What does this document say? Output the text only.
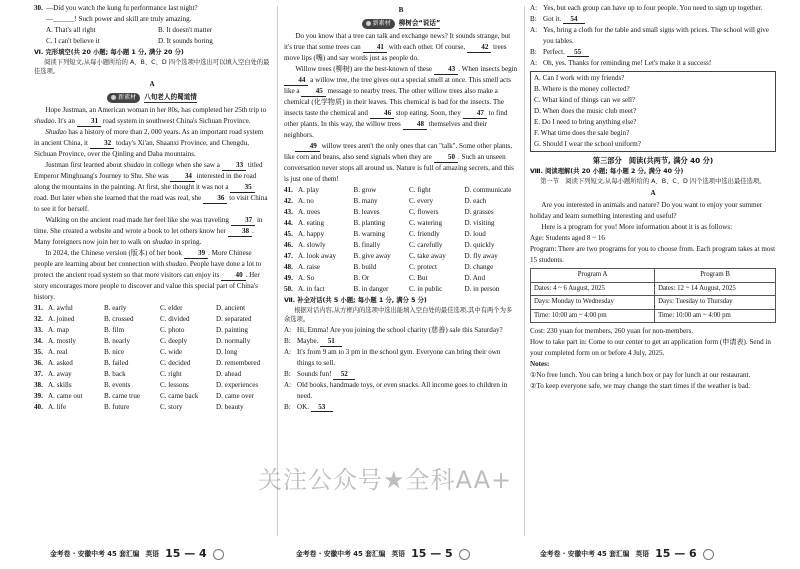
30. —Did you watch the kung fu performance last night?

—______! Such power and skill are truly amazing.

A. That's all right	B. It doesn't matter
C. I can't believe it	D. It sounds boring

Ⅵ. 完形填空(共 20 小题; 每小题 1 分, 满分 20 分)

阅读下列短文,从每小题所给的 A、B、C、D 四个选项中选出可以填入空白处的最佳选项。

A

新素材 八旬老人的蜀道情

Hope Justman, an American woman in her 80s, has completed her 25th trip to shudao. It's an 31 road system in southwest China's Sichuan Province.

Shudao has a history of more than 2, 000 years. As an important road system in ancient China, it 32 today's Xi'an, Shaanxi Province, and Chengdu, Sichuan Province, over the Qinling and Daba mountains.

Justman first learned about shudao in college when she saw a 33 titled Emperor Minghuang's Journey to Shu. She was 34 interested in the road along the mountains in the painting. At first, she thought it was not a 35 road. But later when she learned that the road was real, she 36 to visit China to see it for herself.

Walking on the ancient road made her feel like she was traveling 37 in time. She created a website and wrote a book to let others know her 38 . Many foreigners now join her to walk on shudao in spring.

In 2024, the Chinese version (版本) of her book 39 . More Chinese people are learning about her connection with shudao. People have done a lot to protect the ancient road system so that more visitors can enjoy its 40 . Her story encourages more people to discover and value this special part of China's history.

31. A. awful	B. early	C. elder	D. ancient
32. A. joined	B. crossed	C. divided	D. separated
33. A. map	B. film	C. photo	D. painting
34. A. mostly	B. nearly	C. deeply	D. normally
35. A. real	B. nice	C. wide	D. long
36. A. asked	B. failed	C. decided	D. remembered
37. A. away	B. back	C. right	D. ahead
38. A. skills	B. events	C. lessons	D. experiences
39. A. came out	B. came true	C. came back	D. came over
40. A. life	B. future	C. story	D. beauty

B

新素材 柳树会“说话”

Do you know that a tree can talk and exchange news? It sounds strange, but it's true that some trees can 41 with each other. Of course, 42 trees move lips (嘴) and say words just as people do.

Willow trees (柳树) are the best-known of these 43 . When insects begin 44 a willow tree, the tree gives out a special smell at once. This smell acts like a 45 message to nearby trees. The other willow trees also make a chemical (化学物质) in their leaves. This chemical is bad for the insects. The insects taste the chemical and 46 stop eating. Soon, they 47 to find other plants. In this way, the willow trees 48 themselves and their neighbors.

49 willow trees aren't the only ones that can "talk". Some other plants, like corn and beans, also send signals when they are 50 . Such an unseen conversation never stops all around us. Nature is full of amazing secrets, and this is just one of them!

41. A. play	B. grow	C. fight	D. communicate
42. A. no	B. many	C. every	D. each
43. A. trees	B. leaves	C. flowers	D. grasses
44. A. eating	B. planting	C. watering	D. visiting
45. A. happy	B. warning	C. friendly	D. loud
46. A. slowly	B. finally	C. carefully	D. quickly
47. A. look away	B. give away	C. take away	D. fly away
48. A. raise	B. build	C. protect	D. change
49. A. So	B. Or	C. But	D. And
50. A. in fact	B. in danger	C. in public	D. in person

Ⅶ. 补全对话(共 5 小题; 每小题 1 分, 满分 5 分)

根据对话内容,从方框内的选项中选出能填入空白处的最佳选项,其中有两个为多余选项。

A: Hi, Emma! Are you joining the school charity (慈善) sale this Saturday?

B: Maybe. 51

A: It's from 9 am to 3 pm in the school gym. Everyone can bring their own things to sell.

B: Sounds fun! 52

A: Old books, handmade toys, or even snacks. All income goes to children in need.

B: OK. 53

A: Yes, but each group can have up to four people. You need to sign up together.

B: Got it. 54

A: Yes, bring a cloth for the table and small signs with prices. The school will give you tables.

B: Perfect. 55

A: Oh, yes. Thanks for reminding me! Let's make it a success!

A. Can I work with my friends?

B. Where is the money collected?

C. What kind of things can we sell?

D. When does the music club meet?

E. Do I need to bring anything else?

F. What time does the sale begin?

G. Should I wear the school uniform?

第三部分　阅读(共两节, 满分 40 分)

Ⅷ. 阅读理解(共 20 小题; 每小题 2 分, 满分 40 分)

第一节　阅读下列短文,从每小题所给的 A、B、C、D 四个选项中选出最佳选项。

A

Are you interested in animals and nature? Do you want to enjoy your summer holiday and learn something interesting and useful?

Here is a program for you! More information about it is as follows:

Age: Students aged 8 ~ 16

Program: There are two programs for you to choose from. Each program takes at most 15 students.

Program A	Program B
Dates: 4 ~ 6 August, 2025	Dates: 12 ~ 14 August, 2025
Days: Monday to Wednesday	Days: Tuesday to Thursday
Time: 10:00 am ~ 4:00 pm	Time: 10:00 am ~ 4:00 pm

Cost: 230 yuan for members, 260 yuan for non-members.

How to take part in: Come to our center to get an application form (申请表). Send in your completed form on or before 4 July, 2025.

Notes:

①No free lunch. You can bring a lunch box or pay for lunch at our restaurant.

②To keep everyone safe, we may change the start times if the weather is bad.

金考卷 · 安徽中考 45 套汇编 英语 15 — 4	金考卷 · 安徽中考 45 套汇编 英语 15 — 5	金考卷 · 安徽中考 45 套汇编 英语 15 — 6
关注公众号★全科AA+
